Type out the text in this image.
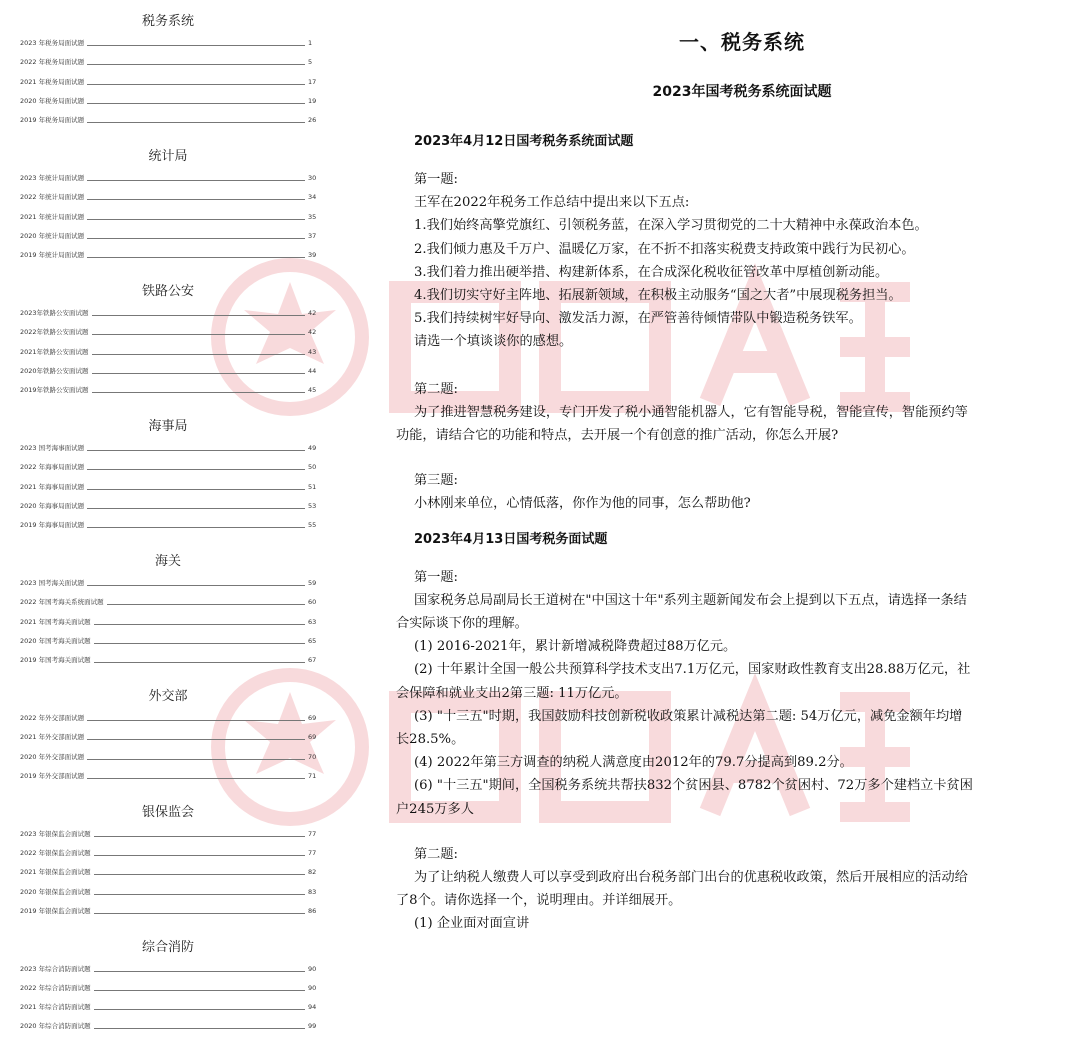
税务系统
2023 年税务局面试题	1
2022 年税务局面试题	5
2021 年税务局面试题	17
2020 年税务局面试题	19
2019 年税务局面试题	26
统计局
2023 年统计局面试题	30
2022 年统计局面试题	34
2021 年统计局面试题	35
2020 年统计局面试题	37
2019 年统计局面试题	39
铁路公安
2023年铁路公安面试题	42
2022年铁路公安面试题	42
2021年铁路公安面试题	43
2020年铁路公安面试题	44
2019年铁路公安面试题	45
海事局
2023 国考海事面试题	49
2022 年海事局面试题	50
2021 年海事局面试题	51
2020 年海事局面试题	53
2019 年海事局面试题	55
海关
2023 国考海关面试题	59
2022 年国考海关系统面试题	60
2021 年国考海关面试题	63
2020 年国考海关面试题	65
2019 年国考海关面试题	67
外交部
2022 年外交部面试题	69
2021 年外交部面试题	69
2020 年外交部面试题	70
2019 年外交部面试题	71
银保监会
2023 年银保监会面试题	77
2022 年银保监会面试题	77
2021 年银保监会面试题	82
2020 年银保监会面试题	83
2019 年银保监会面试题	86
综合消防
2023 年综合消防面试题	90
2022 年综合消防面试题	90
2021 年综合消防面试题	94
2020 年综合消防面试题	99
一、税务系统
2023年国考税务系统面试题
2023年4月12日国考税务系统面试题

第一题:

王军在2022年税务工作总结中提出来以下五点:

1.我们始终高擎党旗红、引领税务蓝，在深入学习贯彻党的二十大精神中永葆政治本色。

2.我们倾力惠及千万户、温暖亿万家，在不折不扣落实税费支持政策中践行为民初心。

3.我们着力推出硬举措、构建新体系，在合成深化税收征管改革中厚植创新动能。

4.我们切实守好主阵地、拓展新领域，在积极主动服务“国之大者”中展现税务担当。

5.我们持续树牢好导向、激发活力源，在严管善待倾情带队中锻造税务铁军。

请选一个填谈谈你的感想。

第二题:

为了推进智慧税务建设，专门开发了税小通智能机器人，它有智能导税，智能宣传，智能预约等

功能，请结合它的功能和特点，去开展一个有创意的推广活动，你怎么开展?

第三题:

小林刚来单位，心情低落，你作为他的同事，怎么帮助他?

2023年4月13日国考税务面试题

第一题:

国家税务总局副局长王道树在"中国这十年"系列主题新闻发布会上提到以下五点，请选择一条结

合实际谈下你的理解。

(1) 2016-2021年，累计新增减税降费超过88万亿元。

(2) 十年累计全国一般公共预算科学技术支出7.1万亿元，国家财政性教育支出28.88万亿元，社

会保障和就业支出2第三题: 11万亿元。

(3) "十三五"时期，我国鼓励科技创新税收政策累计减税达第二题: 54万亿元，减免金额年均增

长28.5%。

(4) 2022年第三方调查的纳税人满意度由2012年的79.7分提高到89.2分。

(6) "十三五"期间，全国税务系统共帮扶832个贫困县、8782个贫困村、72万多个建档立卡贫困

户245万多人

第二题:

为了让纳税人缴费人可以享受到政府出台税务部门出台的优惠税收政策，然后开展相应的活动给

了8个。请你选择一个，说明理由。并详细展开。

(1) 企业面对面宣讲
